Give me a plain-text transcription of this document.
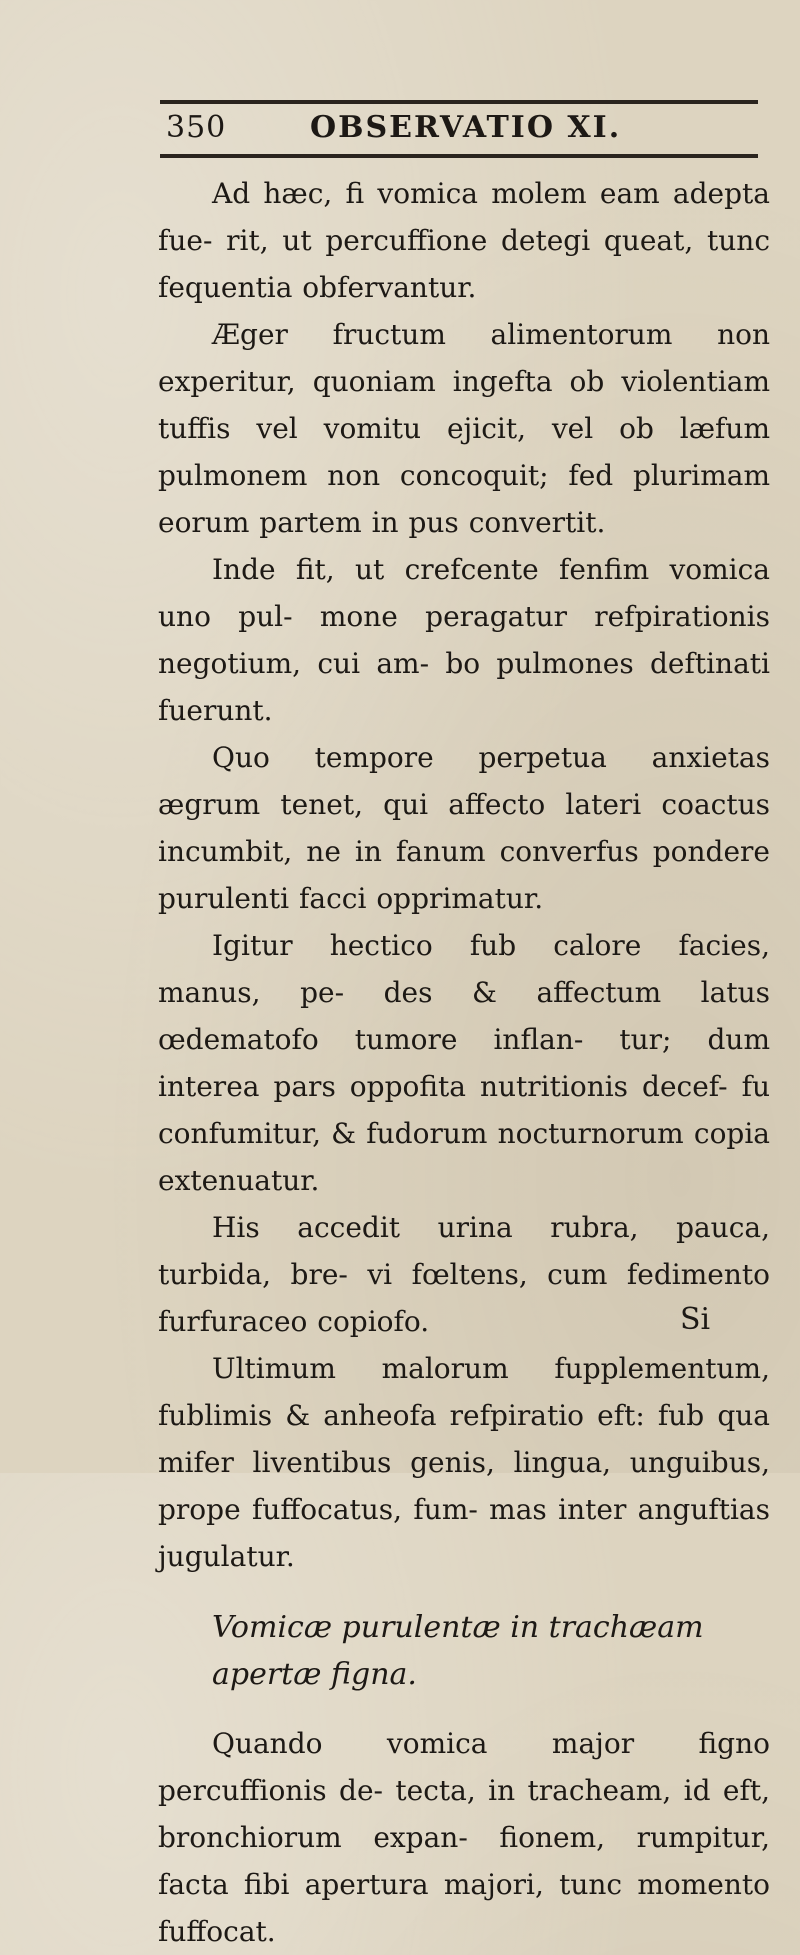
350	OBSERVATIO XI.

Ad hæc, fi vomica molem eam adepta fue- rit, ut percuffione detegi queat, tunc fequentia obfervantur.

Æger fructum alimentorum non experitur, quoniam ingefta ob violentiam tuffis vel vomitu ejicit, vel ob læfum pulmonem non concoquit; fed plurimam eorum partem in pus convertit.

Inde fit, ut crefcente fenfim vomica uno pul- mone peragatur refpirationis negotium, cui am- bo pulmones deftinati fuerunt.

Quo tempore perpetua anxietas ægrum tenet, qui affecto lateri coactus incumbit, ne in fanum converfus pondere purulenti facci opprimatur.

Igitur hectico fub calore facies, manus, pe- des & affectum latus œdematofo tumore inflan- tur; dum interea pars oppofita nutritionis decef- fu confumitur, & fudorum nocturnorum copia extenuatur.

His accedit urina rubra, pauca, turbida, bre- vi fœltens, cum fedimento furfuraceo copiofo.

Ultimum malorum fupplementum, fublimis & anheofa refpiratio eft: fub qua mifer liventibus genis, lingua, unguibus, prope fuffocatus, fum- mas inter anguftias jugulatur.

Vomicæ purulentæ in trachæam apertæ figna.

Quando vomica major figno percuffionis de- tecta, in tracheam, id eft, bronchiorum expan- fionem, rumpitur, facta fibi apertura majori, tunc momento fuffocat.

Si
